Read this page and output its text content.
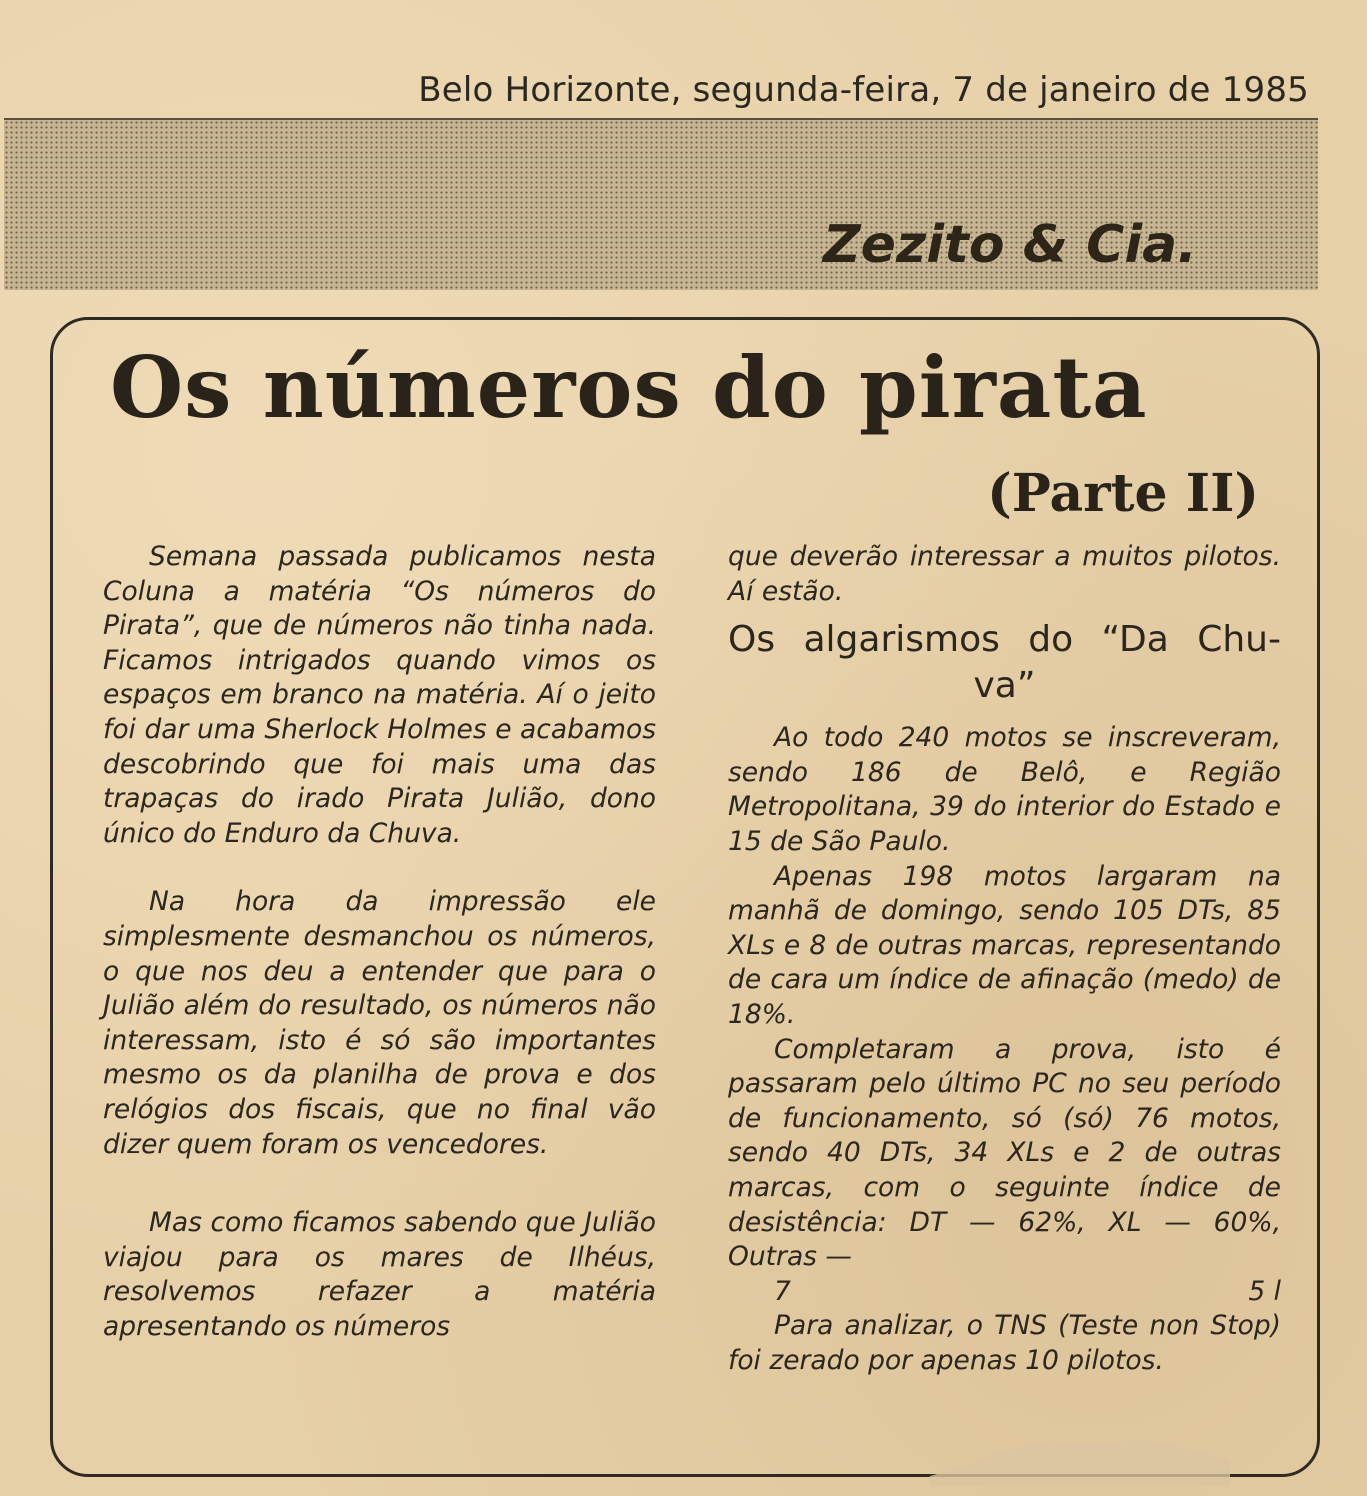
Belo Horizonte, segunda-feira, 7 de janeiro de 1985
Zezito & Cia.
Os números do pirata
(Parte II)

Semana passada publicamos nesta Coluna a matéria “Os números do Pirata”, que de números não tinha nada. Ficamos intrigados quando vimos os espaços em branco na matéria. Aí o jeito foi dar uma Sherlock Holmes e acabamos descobrindo que foi mais uma das trapaças do irado Pirata Julião, dono único do Enduro da Chuva.

Na hora da impressão ele simplesmente desmanchou os números, o que nos deu a entender que para o Julião além do resultado, os números não interessam, isto é só são importantes mesmo os da planilha de prova e dos relógios dos fiscais, que no final vão dizer quem foram os vencedores.

Mas como ficamos sabendo que Julião viajou para os mares de Ilhéus, resolvemos refazer a matéria apresentando os números

que deverão interessar a muitos pilotos. Aí estão.

Os algarismos do “Da Chu-
va”

Ao todo 240 motos se inscreveram, sendo 186 de Belô, e Região Metropolitana, 39 do interior do Estado e 15 de São Paulo.

Apenas 198 motos largaram na manhã de domingo, sendo 105 DTs, 85 XLs e 8 de outras marcas, representando de cara um índice de afinação (medo) de 18%.

Completaram a prova, isto é passaram pelo último PC no seu período de funcionamento, só (só) 76 motos, sendo 40 DTs, 34 XLs e 2 de outras marcas, com o seguinte índice de desistência: DT — 62%, XL — 60%, Outras —

7	5 l

Para analizar, o TNS (Teste non Stop) foi zerado por apenas 10 pilotos.
